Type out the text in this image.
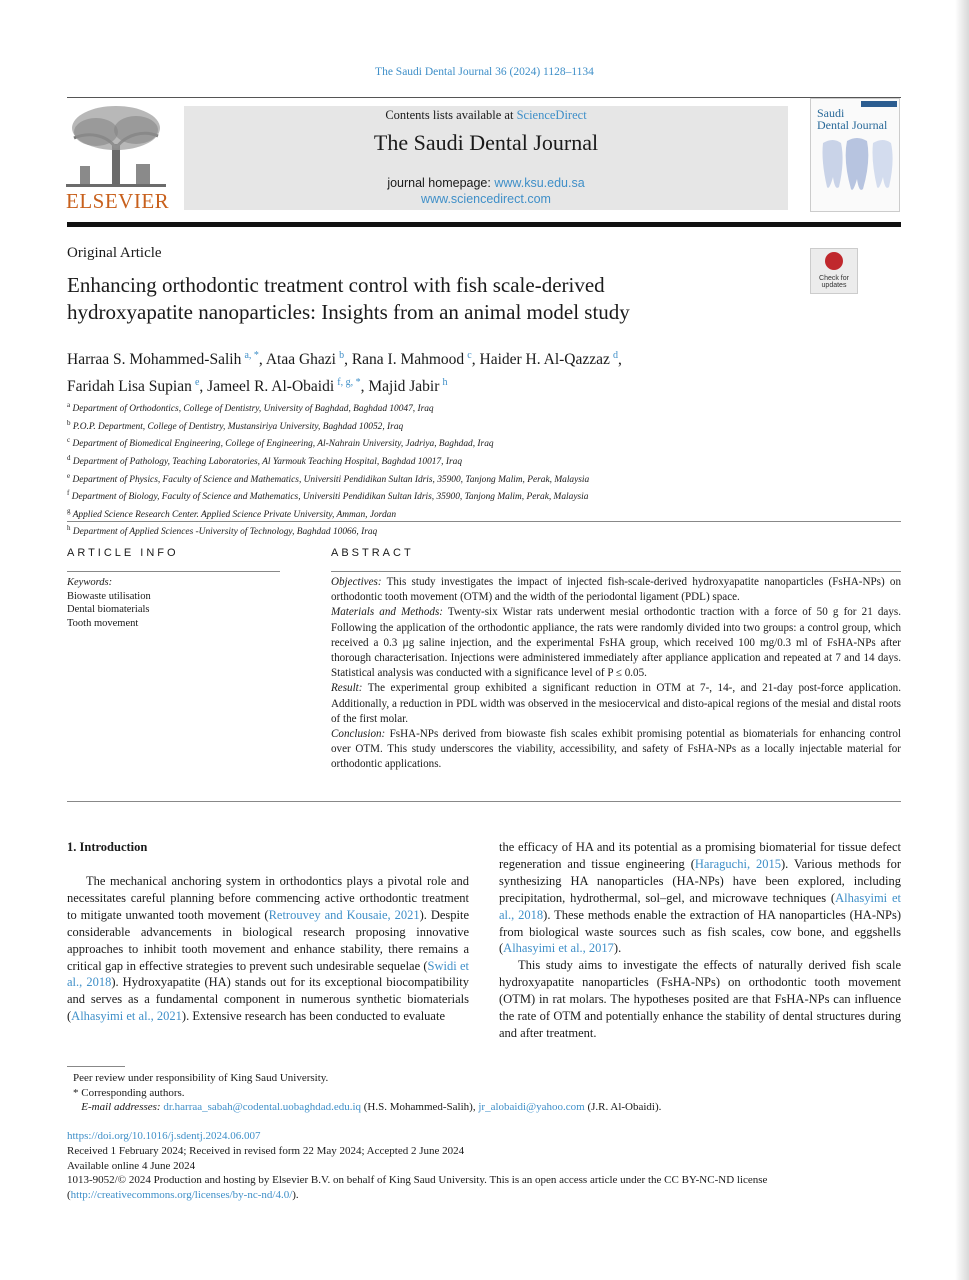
The Saudi Dental Journal 36 (2024) 1128–1134
ELSEVIER
Contents lists available at ScienceDirect
The Saudi Dental Journal
journal homepage: www.ksu.edu.sa
www.sciencedirect.com
Saudi
Dental Journal
Original Article
Check for
updates
Enhancing orthodontic treatment control with fish scale-derived
hydroxyapatite nanoparticles: Insights from an animal model study
Harraa S. Mohammed-Salih  $^{a, *}$, Ataa Ghazi  $^b$, Rana I. Mahmood  $^c$, Haider H. Al-Qazzaz  $^d$,
Faridah Lisa Supian  $^e$, Jameel R. Al-Obaidi  $^{f, g, *}$, Majid Jabir  $^h$
$^a$ Department of Orthodontics, College of Dentistry, University of Baghdad, Baghdad 10047, Iraq
$^b$ P.O.P. Department, College of Dentistry, Mustansiriya University, Baghdad 10052, Iraq
$^c$ Department of Biomedical Engineering, College of Engineering, Al-Nahrain University, Jadriya, Baghdad, Iraq
$^d$ Department of Pathology, Teaching Laboratories, Al Yarmouk Teaching Hospital, Baghdad 10017, Iraq
$^e$ Department of Physics, Faculty of Science and Mathematics, Universiti Pendidikan Sultan Idris, 35900, Tanjong Malim, Perak, Malaysia
$^f$ Department of Biology, Faculty of Science and Mathematics, Universiti Pendidikan Sultan Idris, 35900, Tanjong Malim, Perak, Malaysia
$^g$ Applied Science Research Center. Applied Science Private University, Amman, Jordan
$^h$ Department of Applied Sciences -University of Technology, Baghdad 10066, Iraq
ARTICLE INFO	ABSTRACT
Keywords:
Biowaste utilisation
Dental biomaterials
Tooth movement

Objectives: This study investigates the impact of injected fish-scale-derived hydroxyapatite nanoparticles (FsHA-NPs) on orthodontic tooth movement (OTM) and the width of the periodontal ligament (PDL) space.

Materials and Methods: Twenty-six Wistar rats underwent mesial orthodontic traction with a force of 50 g for 21 days. Following the application of the orthodontic appliance, the rats were randomly divided into two groups: a control group, which received a 0.3 µg saline injection, and the experimental FsHA group, which received 100 mg/0.3 ml of FsHA-NPs after thorough characterisation. Injections were administered immediately after appliance application and repeated at 7 and 14 days. Statistical analysis was conducted with a significance level of P ≤ 0.05.

Result: The experimental group exhibited a significant reduction in OTM at 7-, 14-, and 21-day post-force application. Additionally, a reduction in PDL width was observed in the mesiocervical and disto-apical regions of the mesial and distal roots of the first molar.

Conclusion: FsHA-NPs derived from biowaste fish scales exhibit promising potential as biomaterials for enhancing control over OTM. This study underscores the viability, accessibility, and safety of FsHA-NPs as a locally injectable material for orthodontic applications.

1. Introduction

The mechanical anchoring system in orthodontics plays a pivotal role and necessitates careful planning before commencing active orthodontic treatment to mitigate unwanted tooth movement (Retrouvey and Kousaie, 2021). Despite considerable advancements in biological research proposing innovative approaches to inhibit tooth movement and enhance stability, there remains a critical gap in effective strategies to prevent such undesirable sequelae (Swidi et al., 2018). Hydroxyapatite (HA) stands out for its exceptional biocompatibility and serves as a fundamental component in numerous synthetic biomaterials (Alhasyimi et al., 2021). Extensive research has been conducted to evaluate

the efficacy of HA and its potential as a promising biomaterial for tissue defect regeneration and tissue engineering (Haraguchi, 2015). Various methods for synthesizing HA nanoparticles (HA-NPs) have been explored, including precipitation, hydrothermal, sol–gel, and microwave techniques (Alhasyimi et al., 2018). These methods enable the extraction of HA nanoparticles (HA-NPs) from biological waste sources such as fish scales, cow bone, and eggshells (Alhasyimi et al., 2017).

This study aims to investigate the effects of naturally derived fish scale hydroxyapatite nanoparticles (FsHA-NPs) on orthodontic tooth movement (OTM) in rat molars. The hypotheses posited are that FsHA-NPs can influence the rate of OTM and potentially enhance the stability of dental structures during and after treatment.

Peer review under responsibility of King Saud University.

* Corresponding authors.

E-mail addresses: dr.harraa_sabah@codental.uobaghdad.edu.iq (H.S. Mohammed-Salih), jr_alobaidi@yahoo.com (J.R. Al-Obaidi).

https://doi.org/10.1016/j.sdentj.2024.06.007

Received 1 February 2024; Received in revised form 22 May 2024; Accepted 2 June 2024

Available online 4 June 2024

1013-9052/© 2024 Production and hosting by Elsevier B.V. on behalf of King Saud University. This is an open access article under the CC BY-NC-ND license (http://creativecommons.org/licenses/by-nc-nd/4.0/).
